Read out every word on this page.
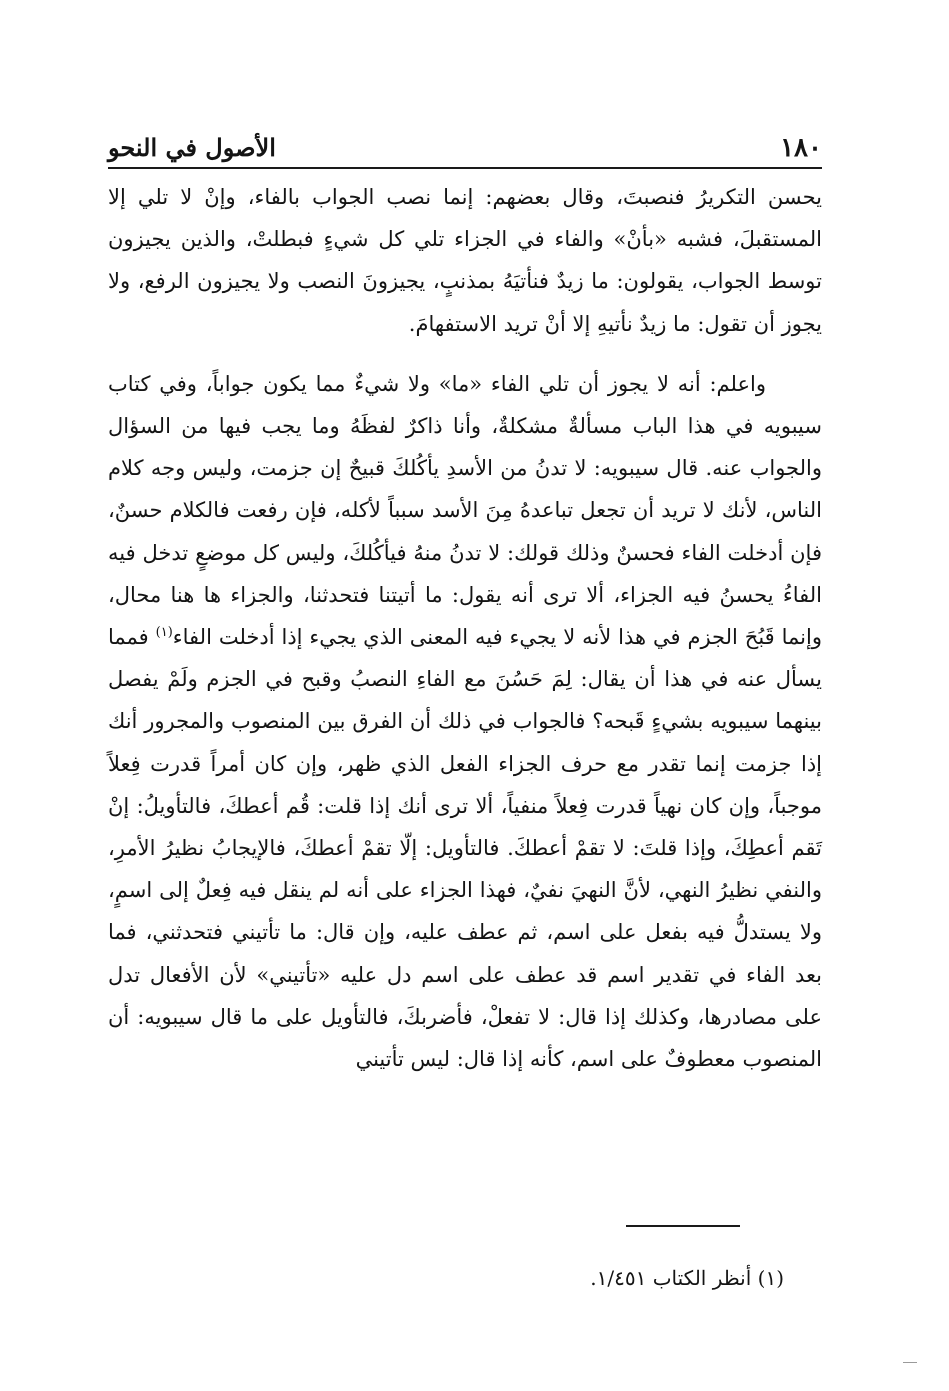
١٨٠
الأصول في النحو

يحسن التكريرُ فنصبتَ، وقال بعضهم: إنما نصب الجواب بالفاء، وإنْ لا تلي إلا المستقبلَ، فشبه «بأنْ» والفاء في الجزاء تلي كل شيءٍ فبطلتْ، والذين يجيزون توسط الجواب، يقولون: ما زيدٌ فنأتيَهُ بمذنبٍ، يجيزونَ النصب ولا يجيزون الرفع، ولا يجوز أن تقول: ما زيدٌ نأتيهِ إلا أنْ تريد الاستفهامَ.

واعلم: أنه لا يجوز أن تلي الفاء «ما» ولا شيءٌ مما يكون جواباً، وفي كتاب سيبويه في هذا الباب مسألةٌ مشكلةٌ، وأنا ذاكرٌ لفظَهُ وما يجب فيها من السؤال والجواب عنه. قال سيبويه: لا تدنُ من الأسدِ يأكُلكَ قبيحٌ إن جزمت، وليس وجه كلام الناس، لأنك لا تريد أن تجعل تباعدهُ مِنَ الأسد سبباً لأكله، فإن رفعت فالكلام حسنٌ، فإن أدخلت الفاء فحسنٌ وذلك قولك: لا تدنُ منهُ فيأكُلكَ، وليس كل موضعٍ تدخل فيه الفاءُ يحسنُ فيه الجزاء، ألا ترى أنه يقول: ما أتيتنا فتحدثنا، والجزاء ها هنا محال، وإنما قَبُحَ الجزم في هذا لأنه لا يجيء فيه المعنى الذي يجيء إذا أدخلت الفاء$^{(١)}$ فمما يسأل عنه في هذا أن يقال: لِمَ حَسُنَ مع الفاءِ النصبُ وقبح في الجزم ولَمْ يفصل بينهما سيبويه بشيءٍ قَبحه؟ فالجواب في ذلك أن الفرق بين المنصوب والمجرور أنك إذا جزمت إنما تقدر مع حرف الجزاء الفعل الذي ظهر، وإن كان أمراً قدرت فِعلاً موجباً، وإن كان نهياً قدرت فِعلاً منفياً، ألا ترى أنك إذا قلت: قُم أعطكَ، فالتأويلُ: إنْ تَقم أعطِكَ، وإذا قلتَ: لا تقمْ أعطكَ. فالتأويل: إلّا تقمْ أعطكَ، فالإيجابُ نظيرُ الأمرِ، والنفي نظيرُ النهي، لأنَّ النهيَ نفيٌ، فهذا الجزاء على أنه لم ينقل فيه فِعلٌ إلى اسمٍ، ولا يستدلُّ فيه بفعل على اسم، ثم عطف عليه، وإن قال: ما تأتيني فتحدثني، فما بعد الفاء في تقدير اسم قد عطف على اسم دل عليه «تأتيني» لأن الأفعال تدل على مصادرها، وكذلك إذا قال: لا تفعلْ، فأضربكَ، فالتأويل على ما قال سيبويه: أن المنصوب معطوفٌ على اسم، كأنه إذا قال: ليس تأتيني

(١) أنظر الكتاب ١/٤٥١.
